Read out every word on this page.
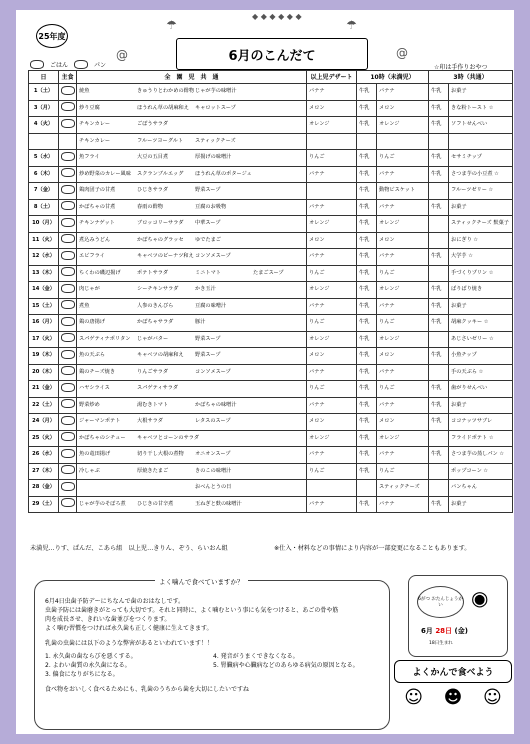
25年度
6月のこんだて
☂	☂
◆ ◆ ◆ ◆ ◆ ◆
@	@
ごはん	パン	☆印は手作りおやつ
日	主食	全　園　児　共　通	以上児デザート	10時（未満児）		3時（共通）	
1（土）		焼魚 きゅうりとわかめの酢物じゃが芋の味噌汁	バナナ	牛乳	バナナ	牛乳	お菓子
3（月）		炒り豆腐 ほうれん草の胡麻和え キャロットスープ	メロン	牛乳	メロン	牛乳	きな粉トースト ☆
4（火）		チキンカレー ごぼうサラダ	オレンジ	牛乳	オレンジ	牛乳	ソフトせんべい
		チキンカレー フルーツヨーグルト スティックチーズ					
5（水）		魚フライ 大豆の五目煮 厚揚げの味噌汁	りんご	牛乳	りんご	牛乳	セサミチップ
6（木）		炒め野菜のカレー風味 スクランブルエッグ ほうれん草のポタージュ	バナナ	牛乳	バナナ	牛乳	さつま芋の小豆煮 ☆
7（金）		鶏肉団子の甘煮 ひじきサラダ 野菜スープ		牛乳	動物ビスケット		フルーツゼリー ☆
8（土）		かぼちゃの甘煮 春雨の酢物 豆腐のお吸物	バナナ	牛乳	バナナ	牛乳	お菓子
10（月）		チキンナゲット ブロッコリーサラダ 中華スープ	オレンジ	牛乳	オレンジ		スティックチーズ 麩菓子
11（火）		煮込みうどん かぼちゃのグラッセ ゆでたまご	メロン	牛乳	メロン		おにぎり ☆
12（水）		エビフライ キャベツのピーナツ和えコンソメスープ	バナナ	牛乳	バナナ	牛乳	大学芋 ☆
13（木）		ちくわの磯辺揚げ ポテトサラダ ミニトマト たまごスープ	りんご	牛乳	りんご		手づくりプリン ☆
14（金）		肉じゃが シーチキンサラダ かき玉汁	オレンジ	牛乳	オレンジ	牛乳	ぱりぱり焼き
15（土）		煮魚 人参のきんぴら 豆腐の味噌汁	バナナ	牛乳	バナナ	牛乳	お菓子
16（月）		鶏の唐揚げ かぼちゃサラダ 豚汁	りんご	牛乳	りんご	牛乳	胡麻クッキー ☆
17（火）		スパゲティナポリタン じゃがバター 野菜スープ	オレンジ	牛乳	オレンジ		あじさいゼリー ☆
19（木）		魚の天ぷら キャベツの胡麻和え 野菜スープ	メロン	牛乳	メロン	牛乳	小魚チップ
20（木）		鶏のチーズ焼き りんごサラダ コンソメスープ	バナナ	牛乳	バナナ		手の天ぷら ☆
21（金）		ハヤシライス スパゲティサラダ	りんご	牛乳	りんご	牛乳	歯がりせんべい
22（土）		野菜炒め 湯むきトマト かぼちゃの味噌汁	バナナ	牛乳	バナナ	牛乳	お菓子
24（月）		ジャーマンポテト 大根サラダ レタスのスープ	メロン	牛乳	メロン	牛乳	ココナッツサブレ
25（火）		かぼちゃのシチュー キャベツとコーンのサラダ	オレンジ	牛乳	オレンジ		フライドポテト ☆
26（水）		魚の竜田揚げ 切り干し大根の煮物 オニオンスープ	バナナ	牛乳	バナナ	牛乳	さつま芋の蒸しパン ☆
27（木）		冷しゃぶ 厚焼きたまご きのこの味噌汁	りんご	牛乳	りんご		ポップコーン ☆
28（金）		おべんとうの日			スティックチーズ		バンちゃん
29（土）		じゃが芋のそぼろ煮 ひじきの甘辛煮 玉ねぎと麩の味噌汁	バナナ	牛乳	バナナ	牛乳	お菓子
未満児…りす、ぱんだ、こあら組　以上児…きりん、ぞう、らいおん組	※仕入・材料などの事情により内容が一部変更になることもあります。
よく噛んで食べていますか？

6月4日虫歯予防デーにちなんで歯のおはなしです。

虫歯予防には歯磨きがとっても大切です。それと同時に、よく噛むという事にも気をつけると、あごの骨や筋

肉を成長させ、きれいな歯並びをつくります。

よく噛む習慣をつければ永久歯も正しく健康に生えてきます。

乳歯の虫歯には以下のような弊害があるといわれています！！

1. 永久歯の歯ならびを悪くする。

2. よわい歯質の永久歯になる。

3. 偏食になりがちになる。

4. 発音がうまくできなくなる。

5. 腎臓病や心臓病などのあらゆる病気の原因となる。

食べ物をおいしく食べるためにも、乳歯のうちから歯を大切にしたいですね

6がつ おたんじょうかい	◉
6月 28日 (金)
18日生まれ
よくかんで食べよう
☺ ☻ ☺
